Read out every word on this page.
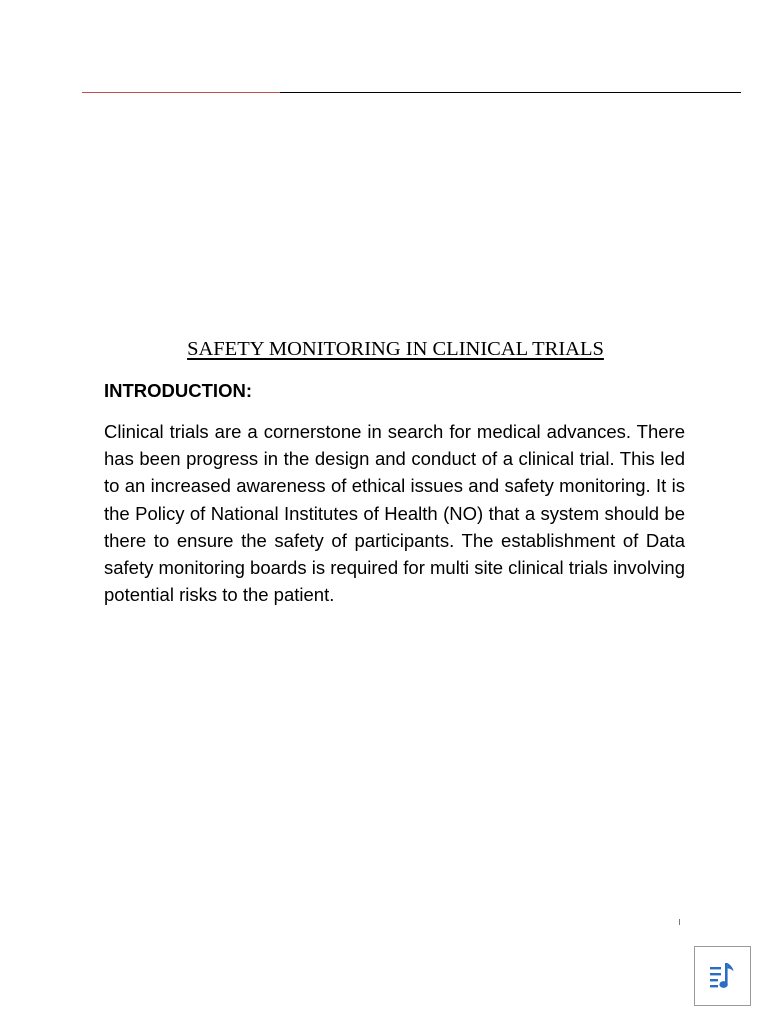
SAFETY MONITORING IN CLINICAL TRIALS
INTRODUCTION:

Clinical trials are a cornerstone in search for medical advances. There has been progress in the design and conduct of a clinical trial. This led to an increased awareness of ethical issues and safety monitoring. It is the Policy of National Institutes of Health (NO) that a system should be there to ensure the safety of participants. The establishment of Data safety monitoring boards is required for multi site clinical trials involving potential risks to the patient.
